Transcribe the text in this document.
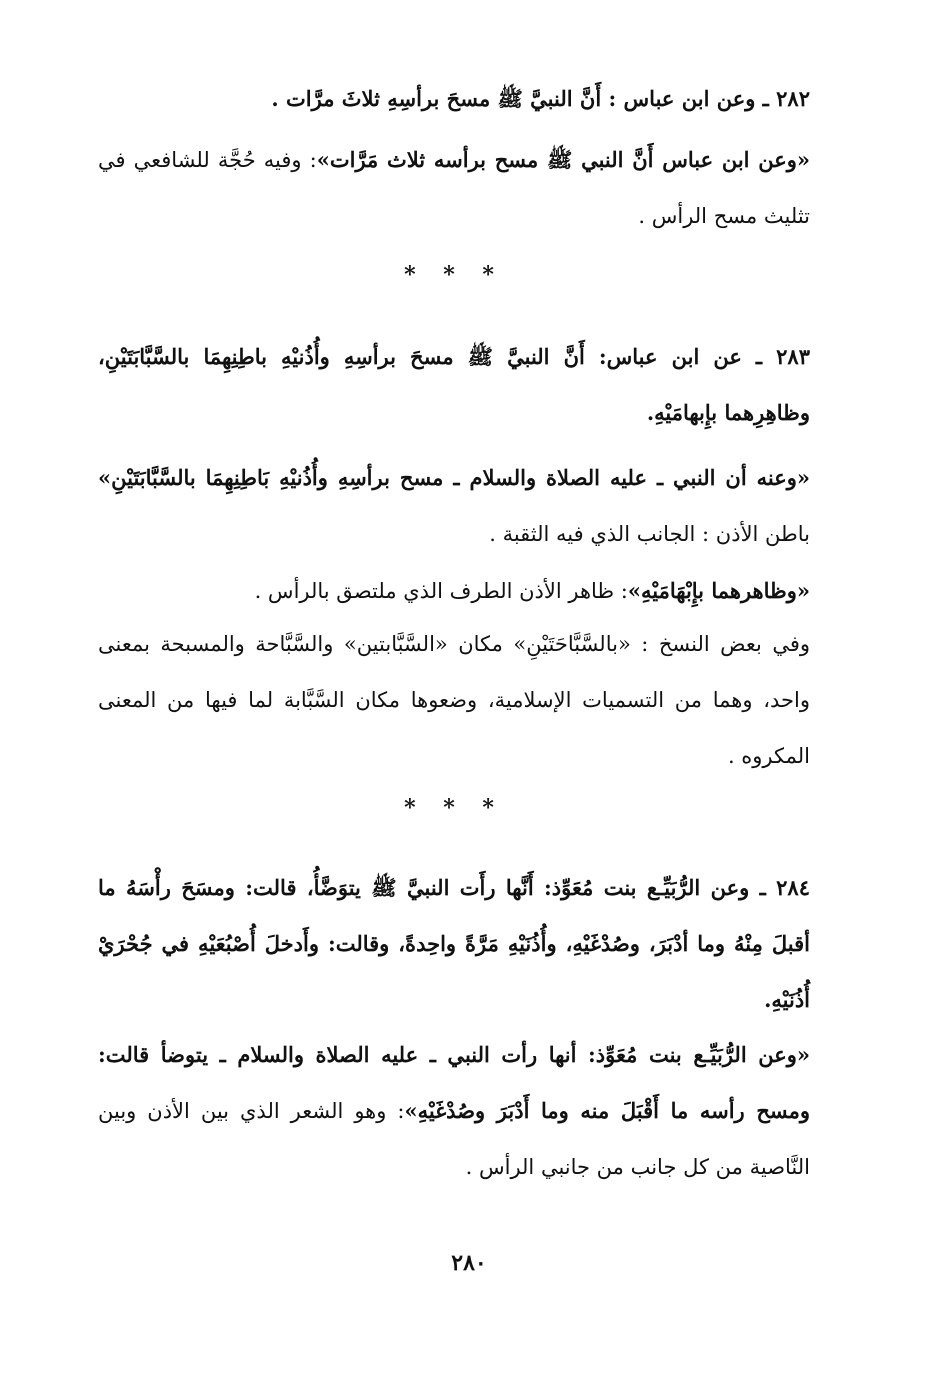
٢٨٢ ـ وعن ابن عباس : أَنَّ النبيَّ ﷺ مسحَ برأسِهِ ثلاثَ مرَّات .

«وعن ابن عباس أَنَّ النبي ﷺ مسح برأسه ثلاث مَرَّات»: وفيه حُجَّة للشافعي في تثليث مسح الرأس .

* * *

٢٨٣ ـ عن ابن عباس: أَنَّ النبيَّ ﷺ مسحَ برأسِهِ وأُذُنيْهِ باطِنِهِمَا بالسَّبَّابَتَيْنِ، وظاهِرِهما بإِبهامَيْهِ.

«وعنه أن النبي ـ عليه الصلاة والسلام ـ مسح برأسِهِ وأُذُنيْهِ بَاطِنِهِمَا بالسَّبَّابَتَيْنِ» باطن الأذن : الجانب الذي فيه الثقبة .

«وظاهرهما بإِبْهَامَيْهِ»: ظاهر الأذن الطرف الذي ملتصق بالرأس .

وفي بعض النسخ : «بالسَّبَّاحَتَيْنِ» مكان «السَّبَّابتين» والسَّبَّاحة والمسبحة بمعنى واحد، وهما من التسميات الإسلامية، وضعوها مكان السَّبَّابة لما فيها من المعنى المكروه .

* * *

٢٨٤ ـ وعن الرُّبَيِّـع بنت مُعَوِّذ: أَنَّها رأَت النبيَّ ﷺ يتوَضَّأُ، قالت: ومسَحَ رأْسَهُ ما أقبلَ مِنْهُ وما أدْبَرَ، وصُدْغَيْهِ، وأُذُنَيْهِ مَرَّةً واحِدةً، وقالت: وأَدخلَ أُصْبُعَيْهِ في جُحْرَيْ أُذُنَيْهِ.

«وعن الرُّبَيِّـع بنت مُعَوِّذ: أنها رأت النبي ـ عليه الصلاة والسلام ـ يتوضأ قالت: ومسح رأسه ما أَقْبَلَ منه وما أَدْبَرَ وصُدْغَيْهِ»: وهو الشعر الذي بين الأذن وبين النَّاصية من كل جانب من جانبي الرأس .

٢٨٠
